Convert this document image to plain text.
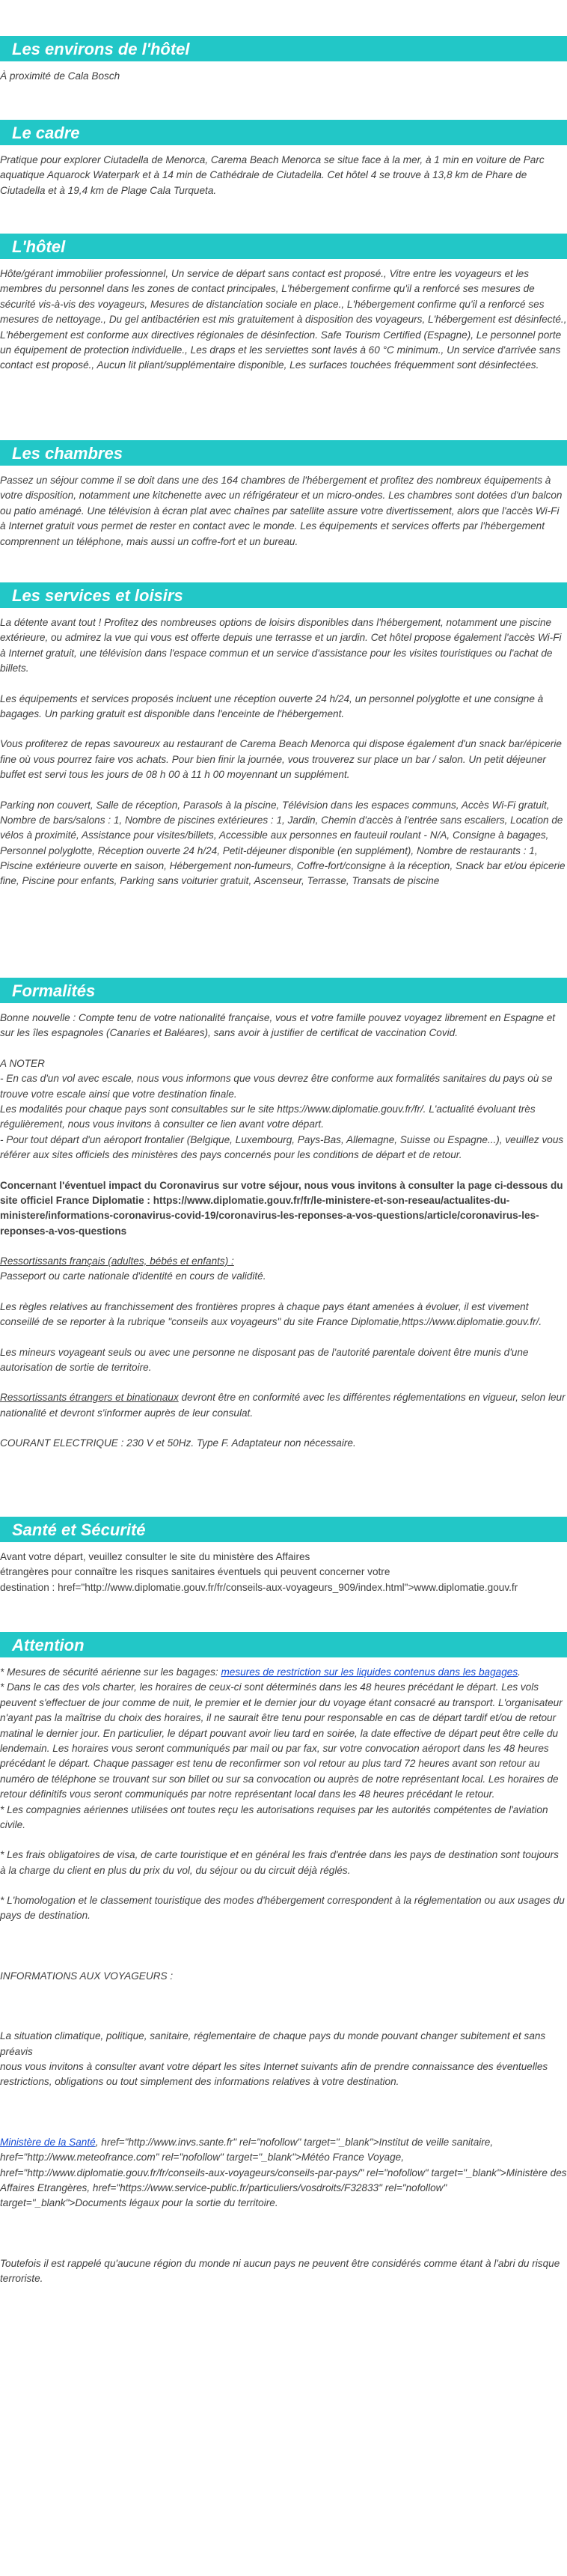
Les environs de l'hôtel

À proximité de Cala Bosch

Le cadre

Pratique pour explorer Ciutadella de Menorca, Carema Beach Menorca se situe face à la mer, à 1 min en voiture de Parc aquatique Aquarock Waterpark et à 14 min de Cathédrale de Ciutadella. Cet hôtel 4 se trouve à 13,8 km de Phare de Ciutadella et à 19,4 km de Plage Cala Turqueta.

L'hôtel

Hôte/gérant immobilier professionnel, Un service de départ sans contact est proposé., Vitre entre les voyageurs et les membres du personnel dans les zones de contact principales, L'hébergement confirme qu'il a renforcé ses mesures de sécurité vis-à-vis des voyageurs, Mesures de distanciation sociale en place., L'hébergement confirme qu'il a renforcé ses mesures de nettoyage., Du gel antibactérien est mis gratuitement à disposition des voyageurs, L'hébergement est désinfecté., L'hébergement est conforme aux directives régionales de désinfection. Safe Tourism Certified (Espagne), Le personnel porte un équipement de protection individuelle., Les draps et les serviettes sont lavés à 60 °C minimum., Un service d'arrivée sans contact est proposé., Aucun lit pliant/supplémentaire disponible, Les surfaces touchées fréquemment sont désinfectées.

Les chambres

Passez un séjour comme il se doit dans une des 164 chambres de l'hébergement et profitez des nombreux équipements à votre disposition, notamment une kitchenette avec un réfrigérateur et un micro-ondes. Les chambres sont dotées d'un balcon ou patio aménagé. Une télévision à écran plat avec chaînes par satellite assure votre divertissement, alors que l'accès Wi-Fi à Internet gratuit vous permet de rester en contact avec le monde. Les équipements et services offerts par l'hébergement comprennent un téléphone, mais aussi un coffre-fort et un bureau.

Les services et loisirs

La détente avant tout ! Profitez des nombreuses options de loisirs disponibles dans l'hébergement, notamment une piscine extérieure, ou admirez la vue qui vous est offerte depuis une terrasse et un jardin. Cet hôtel propose également l'accès Wi-Fi à Internet gratuit, une télévision dans l'espace commun et un service d'assistance pour les visites touristiques ou l'achat de billets.

Les équipements et services proposés incluent une réception ouverte 24 h/24, un personnel polyglotte et une consigne à bagages. Un parking gratuit est disponible dans l'enceinte de l'hébergement.

Vous profiterez de repas savoureux au restaurant de Carema Beach Menorca qui dispose également d'un snack bar/épicerie fine où vous pourrez faire vos achats. Pour bien finir la journée, vous trouverez sur place un bar / salon. Un petit déjeuner buffet est servi tous les jours de 08 h 00 à 11 h 00 moyennant un supplément.

Parking non couvert, Salle de réception, Parasols à la piscine, Télévision dans les espaces communs, Accès Wi-Fi gratuit, Nombre de bars/salons : 1, Nombre de piscines extérieures : 1, Jardin, Chemin d'accès à l'entrée sans escaliers, Location de vélos à proximité, Assistance pour visites/billets, Accessible aux personnes en fauteuil roulant - N/A, Consigne à bagages, Personnel polyglotte, Réception ouverte 24 h/24, Petit-déjeuner disponible (en supplément), Nombre de restaurants : 1, Piscine extérieure ouverte en saison, Hébergement non-fumeurs, Coffre-fort/consigne à la réception, Snack bar et/ou épicerie fine, Piscine pour enfants, Parking sans voiturier gratuit, Ascenseur, Terrasse, Transats de piscine

Formalités

Bonne nouvelle : Compte tenu de votre nationalité française, vous et votre famille pouvez voyagez librement en Espagne et sur les îles espagnoles (Canaries et Baléares), sans avoir à justifier de certificat de vaccination Covid.

A NOTER
- En cas d'un vol avec escale, nous vous informons que vous devrez être conforme aux formalités sanitaires du pays où se trouve votre escale ainsi que votre destination finale.
Les modalités pour chaque pays sont consultables sur le site https://www.diplomatie.gouv.fr/fr/. L'actualité évoluant très régulièrement, nous vous invitons à consulter ce lien avant votre départ.
- Pour tout départ d'un aéroport frontalier (Belgique, Luxembourg, Pays-Bas, Allemagne, Suisse ou Espagne...), veuillez vous référer aux sites officiels des ministères des pays concernés pour les conditions de départ et de retour.

Concernant l'éventuel impact du Coronavirus sur votre séjour, nous vous invitons à consulter la page ci-dessous du site officiel France Diplomatie : https://www.diplomatie.gouv.fr/fr/le-ministere-et-son-reseau/actualites-du-ministere/informations-coronavirus-covid-19/coronavirus-les-reponses-a-vos-questions/article/coronavirus-les-reponses-a-vos-questions

Ressortissants français (adultes, bébés et enfants) :
Passeport ou carte nationale d'identité en cours de validité.

Les règles relatives au franchissement des frontières propres à chaque pays étant amenées à évoluer, il est vivement conseillé de se reporter à la rubrique "conseils aux voyageurs" du site France Diplomatie,https://www.diplomatie.gouv.fr/.

Les mineurs voyageant seuls ou avec une personne ne disposant pas de l'autorité parentale doivent être munis d'une autorisation de sortie de territoire.

Ressortissants étrangers et binationaux devront être en conformité avec les différentes réglementations en vigueur, selon leur nationalité et devront s'informer auprès de leur consulat.

COURANT ELECTRIQUE : 230 V et 50Hz. Type F. Adaptateur non nécessaire.

Santé et Sécurité

Avant votre départ, veuillez consulter le site du ministère des Affaires
étrangères pour connaître les risques sanitaires éventuels qui peuvent concerner votre
destination : href="http://www.diplomatie.gouv.fr/fr/conseils-aux-voyageurs_909/index.html">www.diplomatie.gouv.fr

Attention

* Mesures de sécurité aérienne sur les bagages: mesures de restriction sur les liquides contenus dans les bagages.
* Dans le cas des vols charter, les horaires de ceux-ci sont déterminés dans les 48 heures précédant le départ. Les vols peuvent s'effectuer de jour comme de nuit, le premier et le dernier jour du voyage étant consacré au transport. L'organisateur n'ayant pas la maîtrise du choix des horaires, il ne saurait être tenu pour responsable en cas de départ tardif et/ou de retour matinal le dernier jour. En particulier, le départ pouvant avoir lieu tard en soirée, la date effective de départ peut être celle du lendemain. Les horaires vous seront communiqués par mail ou par fax, sur votre convocation aéroport dans les 48 heures précédant le départ. Chaque passager est tenu de reconfirmer son vol retour au plus tard 72 heures avant son retour au numéro de téléphone se trouvant sur son billet ou sur sa convocation ou auprès de notre représentant local. Les horaires de retour définitifs vous seront communiqués par notre représentant local dans les 48 heures précédant le retour.
* Les compagnies aériennes utilisées ont toutes reçu les autorisations requises par les autorités compétentes de l'aviation civile.

* Les frais obligatoires de visa, de carte touristique et en général les frais d'entrée dans les pays de destination sont toujours à la charge du client en plus du prix du vol, du séjour ou du circuit déjà réglés.

* L'homologation et le classement touristique des modes d'hébergement correspondent à la réglementation ou aux usages du pays de destination.

INFORMATIONS AUX VOYAGEURS :

La situation climatique, politique, sanitaire, réglementaire de chaque pays du monde pouvant changer subitement et sans préavis
nous vous invitons à consulter avant votre départ les sites Internet suivants afin de prendre connaissance des éventuelles restrictions, obligations ou tout simplement des informations relatives à votre destination.

Ministère de la Santé, href="http://www.invs.sante.fr" rel="nofollow" target="_blank">Institut de veille sanitaire, href="http://www.meteofrance.com" rel="nofollow" target="_blank">Météo France Voyage, href="http://www.diplomatie.gouv.fr/fr/conseils-aux-voyageurs/conseils-par-pays/" rel="nofollow" target="_blank">Ministère des Affaires Etrangères, href="https://www.service-public.fr/particuliers/vosdroits/F32833" rel="nofollow" target="_blank">Documents légaux pour la sortie du territoire.

Toutefois il est rappelé qu'aucune région du monde ni aucun pays ne peuvent être considérés comme étant à l'abri du risque terroriste.
